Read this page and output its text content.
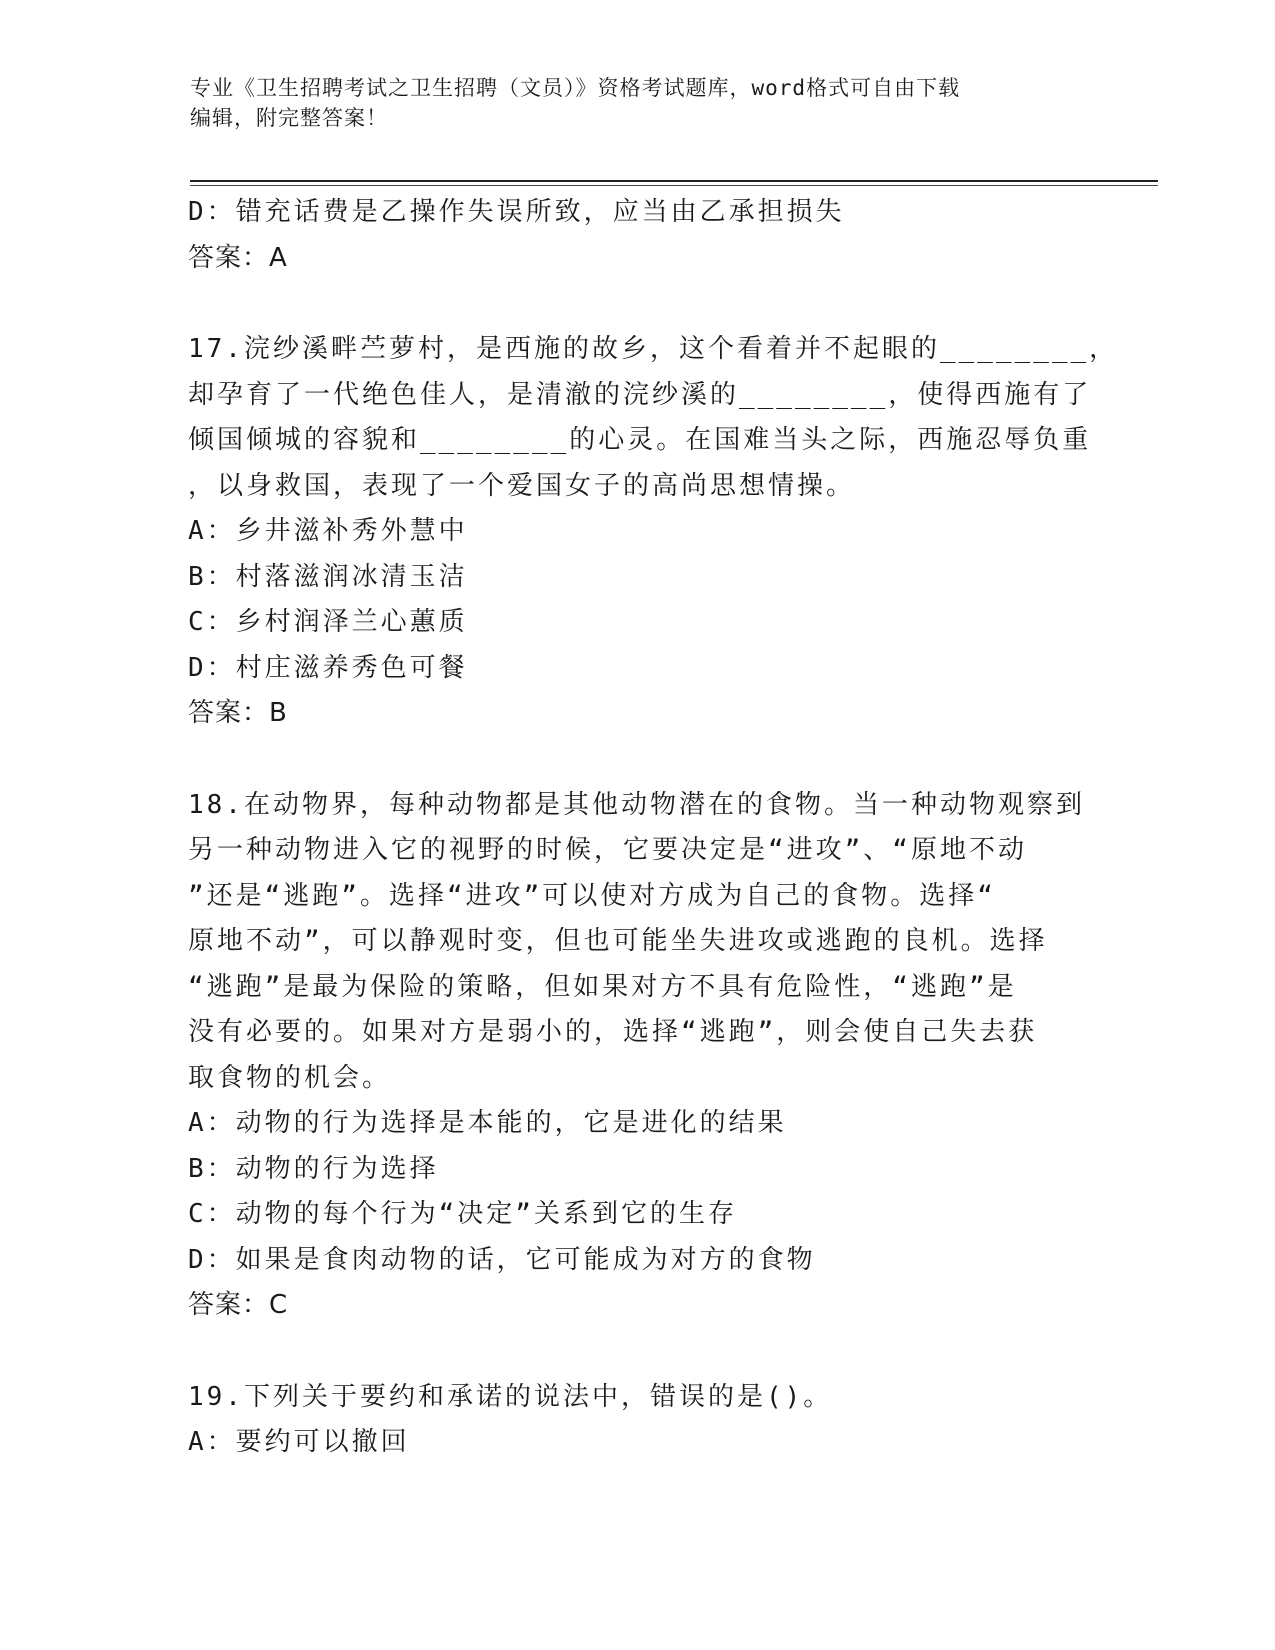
专业《卫生招聘考试之卫生招聘（文员）》资格考试题库，word格式可自由下载
编辑，附完整答案！
D：错充话费是乙操作失误所致，应当由乙承担损失
答案：A
17.浣纱溪畔苎萝村，是西施的故乡，这个看着并不起眼的________，
却孕育了一代绝色佳人，是清澈的浣纱溪的________，使得西施有了
倾国倾城的容貌和________的心灵。在国难当头之际，西施忍辱负重
，以身救国，表现了一个爱国女子的高尚思想情操。
A：乡井滋补秀外慧中
B：村落滋润冰清玉洁
C：乡村润泽兰心蕙质
D：村庄滋养秀色可餐
答案：B
18.在动物界，每种动物都是其他动物潜在的食物。当一种动物观察到
另一种动物进入它的视野的时候，它要决定是“进攻”、“原地不动
”还是“逃跑”。选择“进攻”可以使对方成为自己的食物。选择“
原地不动”，可以静观时变，但也可能坐失进攻或逃跑的良机。选择
“逃跑”是最为保险的策略，但如果对方不具有危险性，“逃跑”是
没有必要的。如果对方是弱小的，选择“逃跑”，则会使自己失去获
取食物的机会。
A：动物的行为选择是本能的，它是进化的结果
B：动物的行为选择
C：动物的每个行为“决定”关系到它的生存
D：如果是食肉动物的话，它可能成为对方的食物
答案：C
19.下列关于要约和承诺的说法中，错误的是()。
A：要约可以撤回
